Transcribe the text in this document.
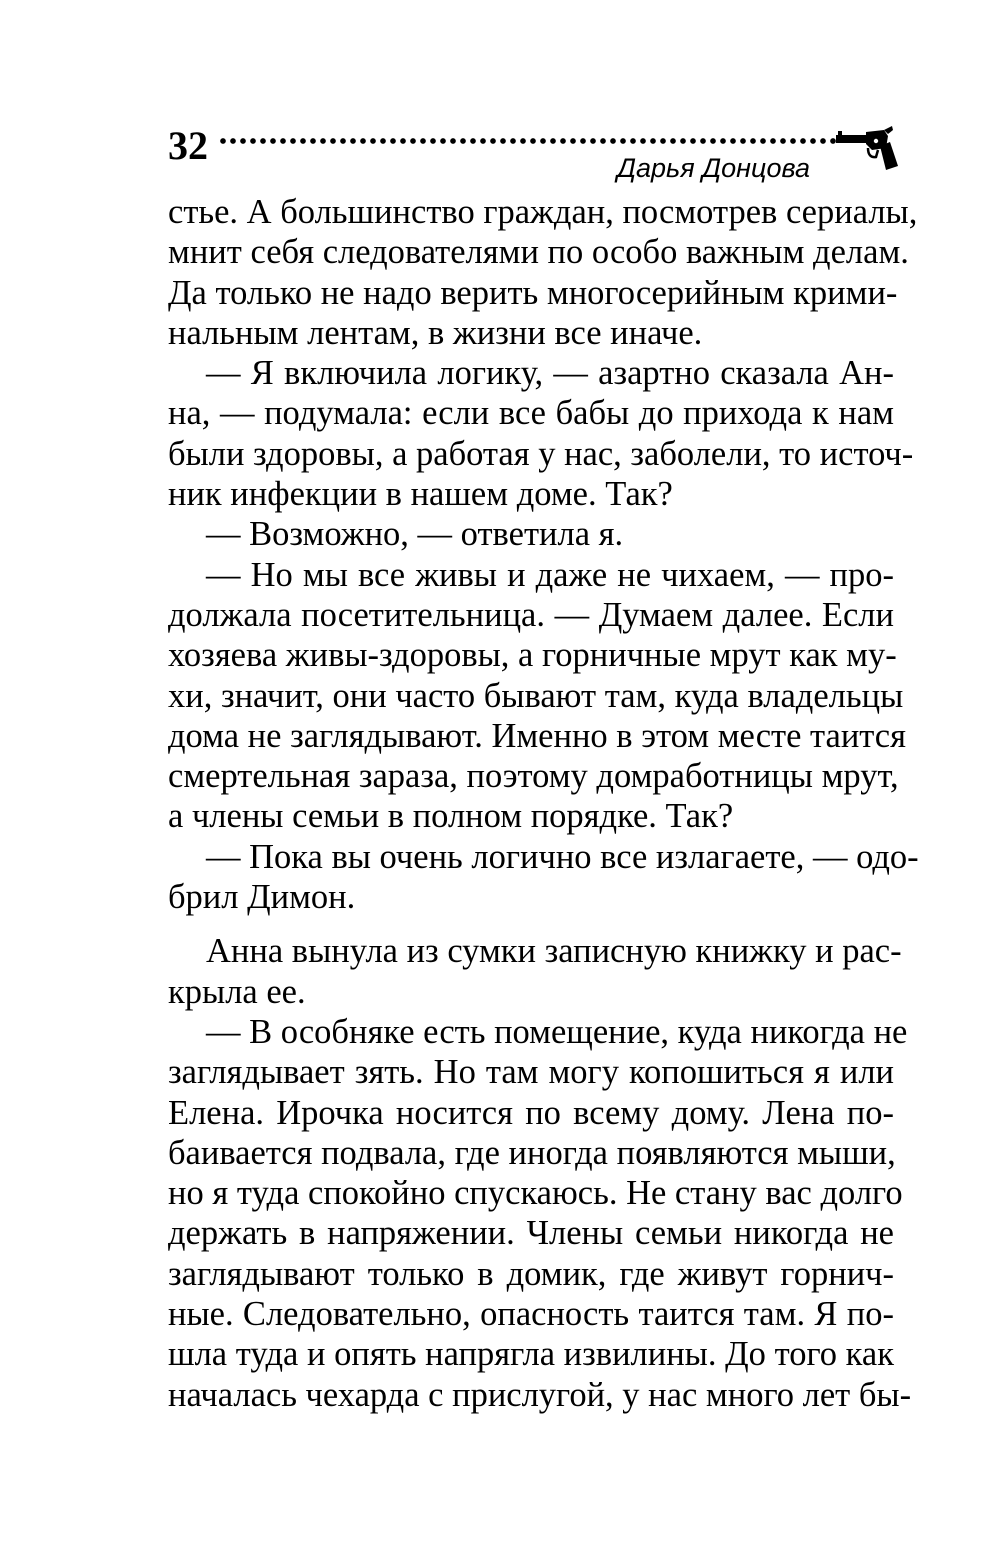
32	Дарья Донцова
стье. А большинство граждан, посмотрев сериалы,
мнит себя следователями по особо важным делам.
Да только не надо верить многосерийным крими-
нальным лентам, в жизни все иначе.
— Я включила логику, — азартно сказала Ан-
на, — подумала: если все бабы до прихода к нам
были здоровы, а работая у нас, заболели, то источ-
ник инфекции в нашем доме. Так?
— Возможно, — ответила я.
— Но мы все живы и даже не чихаем, — про-
должала посетительница. — Думаем далее. Если
хозяева живы-здоровы, а горничные мрут как му-
хи, значит, они часто бывают там, куда владельцы
дома не заглядывают. Именно в этом месте таится
смертельная зараза, поэтому домработницы мрут,
а члены семьи в полном порядке. Так?
— Пока вы очень логично все излагаете, — одо-
брил Димон.
Анна вынула из сумки записную книжку и рас-
крыла ее.
— В особняке есть помещение, куда никогда не
заглядывает зять. Но там могу копошиться я или
Елена. Ирочка носится по всему дому. Лена по-
баивается подвала, где иногда появляются мыши,
но я туда спокойно спускаюсь. Не стану вас долго
держать в напряжении. Члены семьи никогда не
заглядывают только в домик, где живут горнич-
ные. Следовательно, опасность таится там. Я по-
шла туда и опять напрягла извилины. До того как
началась чехарда с прислугой, у нас много лет бы-
